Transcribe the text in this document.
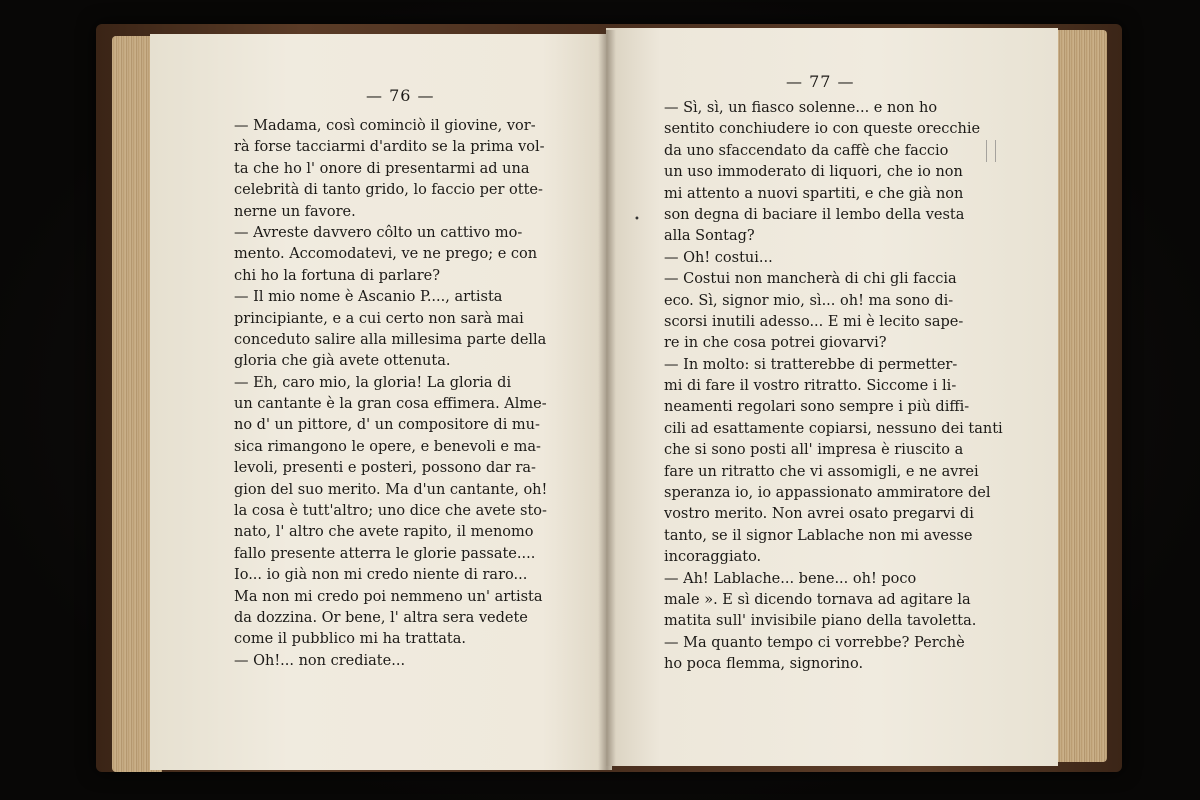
— 76 —
— Madama, così cominciò il giovine, vor-
rà forse tacciarmi d'ardito se la prima vol-
ta che ho l' onore di presentarmi ad una
celebrità di tanto grido, lo faccio per otte-
nerne un favore.
— Avreste davvero côlto un cattivo mo-
mento. Accomodatevi, ve ne prego; e con
chi ho la fortuna di parlare?
— Il mio nome è Ascanio P...., artista
principiante, e a cui certo non sarà mai
conceduto salire alla millesima parte della
gloria che già avete ottenuta.
— Eh, caro mio, la gloria! La gloria di
un cantante è la gran cosa effimera. Almе-
no d' un pittore, d' un compositore di mu-
sica rimangono le opere, e benevoli e ma-
levoli, presenti e posteri, possono dar ra-
gion del suo merito. Ma d'un cantante, oh!
la cosa è tutt'altro; uno dice che avete sto-
nato, l' altro che avete rapito, il menomo
fallo presente atterra le glorie passate....
Io... io già non mi credo niente di raro...
Ma non mi credo poi nemmeno un' artista
da dozzina. Or bene, l' altra sera vedete
come il pubblico mi ha trattata.
— Oh!... non crediate...
— 77 —
•
— Sì, sì, un fiasco solenne... e non ho
sentito conchiudere io con queste orecchie
da uno sfaccendato da caffè che faccio
un uso immoderato di liquori, che io non
mi attento a nuovi spartiti, e che già non
son degna di baciare il lembo della vesta
alla Sontag?
— Oh! costui...
— Costui non mancherà di chi gli faccia
eco. Sì, signor mio, sì... oh! ma sono di-
scorsi inutili adesso... E mi è lecito sape-
re in che cosa potrei giovarvi?
— In molto: si tratterebbe di permetter-
mi di fare il vostro ritratto. Siccome i li-
neamenti regolari sono sempre i più diffi-
cili ad esattamente copiarsi, nessuno dei tanti
che si sono posti all' impresa è riuscito a
fare un ritratto che vi assomigli, e ne avrei
speranza io, io appassionato ammiratore del
vostro merito. Non avrei osato pregarvi di
tanto, se il signor Lablache non mi avesse
incoraggiato.
— Ah! Lablache... bene... oh! poco
male ». E sì dicendo tornava ad agitare la
matita sull' invisibile piano della tavoletta.
— Ma quanto tempo ci vorrebbe? Perchè
ho poca flemma, signorino.
